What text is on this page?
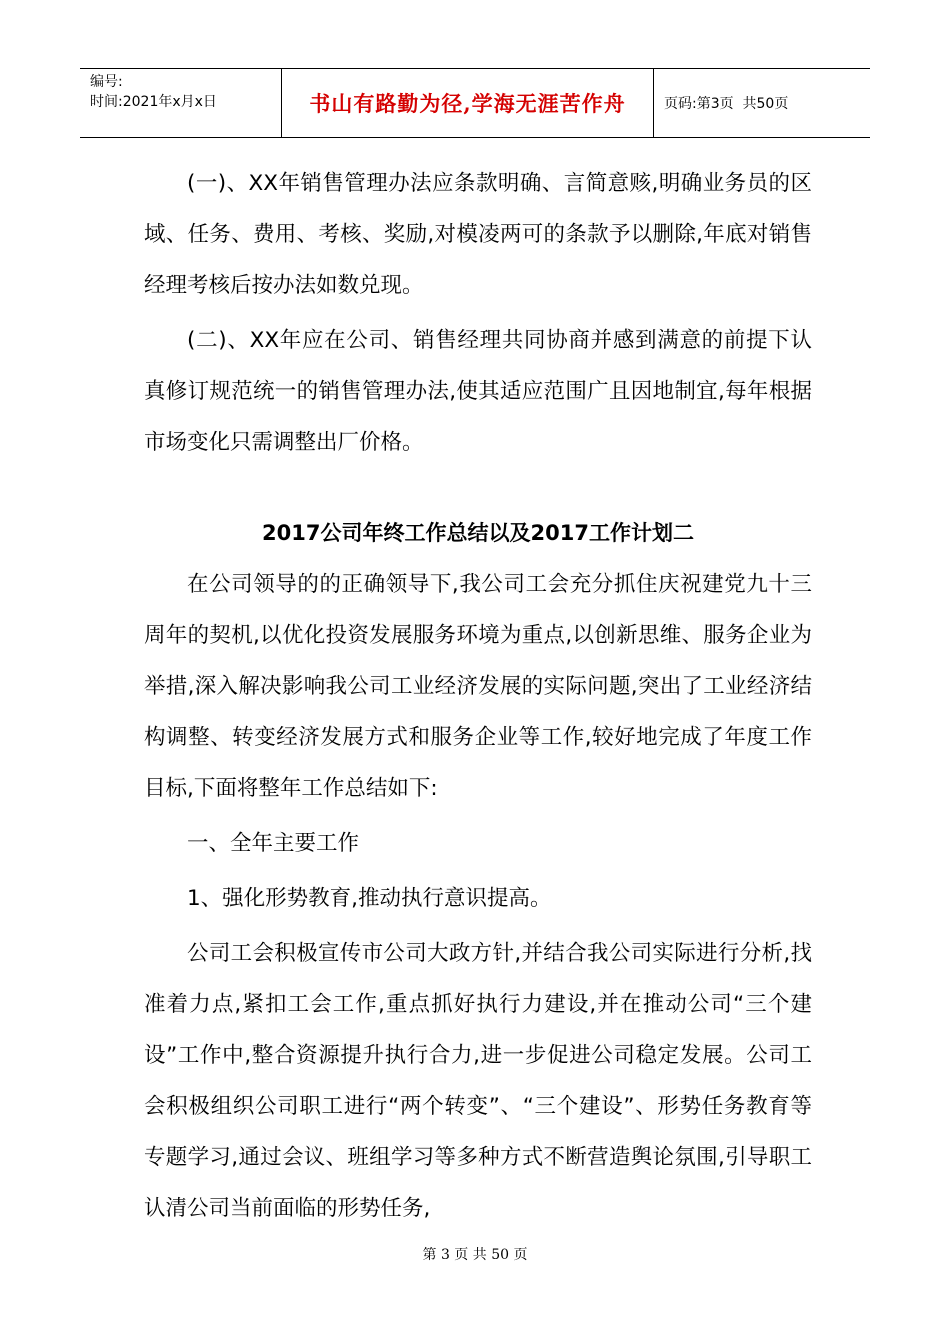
编号:
时间:2021年x月x日	书山有路勤为径,学海无涯苦作舟	页码:第3页  共50页

(一)、XX年销售管理办法应条款明确、言简意赅,明确业务员的区域、任务、费用、考核、奖励,对模凌两可的条款予以删除,年底对销售经理考核后按办法如数兑现。

(二)、XX年应在公司、销售经理共同协商并感到满意的前提下认真修订规范统一的销售管理办法,使其适应范围广且因地制宜,每年根据市场变化只需调整出厂价格。

2017公司年终工作总结以及2017工作计划二

在公司领导的的正确领导下,我公司工会充分抓住庆祝建党九十三周年的契机,以优化投资发展服务环境为重点,以创新思维、服务企业为举措,深入解决影响我公司工业经济发展的实际问题,突出了工业经济结构调整、转变经济发展方式和服务企业等工作,较好地完成了年度工作目标,下面将整年工作总结如下:

一、全年主要工作

1、强化形势教育,推动执行意识提高。

公司工会积极宣传市公司大政方针,并结合我公司实际进行分析,找准着力点,紧扣工会工作,重点抓好执行力建设,并在推动公司“三个建设”工作中,整合资源提升执行合力,进一步促进公司稳定发展。公司工会积极组织公司职工进行“两个转变”、“三个建设”、形势任务教育等专题学习,通过会议、班组学习等多种方式不断营造舆论氛围,引导职工认清公司当前面临的形势任务,

第 3 页 共 50 页
